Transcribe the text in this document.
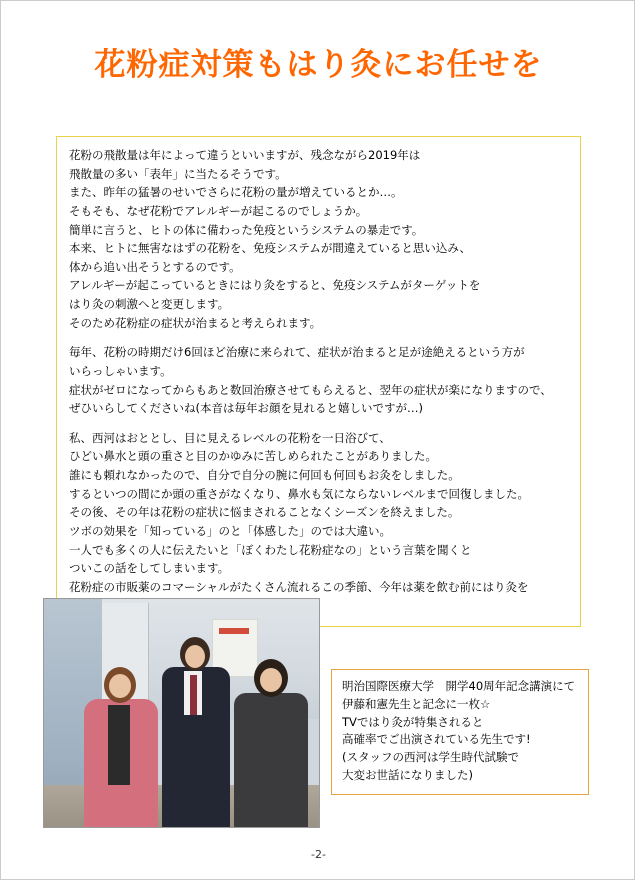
花粉症対策もはり灸にお任せを

花粉の飛散量は年によって違うといいますが、残念ながら2019年は
飛散量の多い「表年」に当たるそうです。
また、昨年の猛暑のせいでさらに花粉の量が増えているとか…。
そもそも、なぜ花粉でアレルギーが起こるのでしょうか。
簡単に言うと、ヒトの体に備わった免疫というシステムの暴走です。
本来、ヒトに無害なはずの花粉を、免疫システムが間違えていると思い込み、
体から追い出そうとするのです。
アレルギーが起こっているときにはり灸をすると、免疫システムがターゲットを
はり灸の刺激へと変更します。
そのため花粉症の症状が治まると考えられます。

毎年、花粉の時期だけ6回ほど治療に来られて、症状が治まると足が途絶えるという方が
いらっしゃいます。
症状がゼロになってからもあと数回治療させてもらえると、翌年の症状が楽になりますので、
ぜひいらしてくださいね(本音は毎年お顔を見れると嬉しいですが…)

私、西河はおととし、目に見えるレベルの花粉を一日浴びて、
ひどい鼻水と頭の重さと目のかゆみに苦しめられたことがありました。
誰にも頼れなかったので、自分で自分の腕に何回も何回もお灸をしました。
するといつの間にか頭の重さがなくなり、鼻水も気にならないレベルまで回復しました。
その後、その年は花粉の症状に悩まされることなくシーズンを終えました。
ツボの効果を「知っている」のと「体感した」のでは大違い。
一人でも多くの人に伝えたいと「ぼくわたし花粉症なの」という言葉を聞くと
ついこの話をしてしまいます。
花粉症の市販薬のコマーシャルがたくさん流れるこの季節、今年は薬を飲む前にはり灸を

明治国際医療大学　開学40周年記念講演にて
伊藤和憲先生と記念に一枚☆
TVではり灸が特集されると
高確率でご出演されている先生です!
(スタッフの西河は学生時代試験で
大変お世話になりました)
-2-
